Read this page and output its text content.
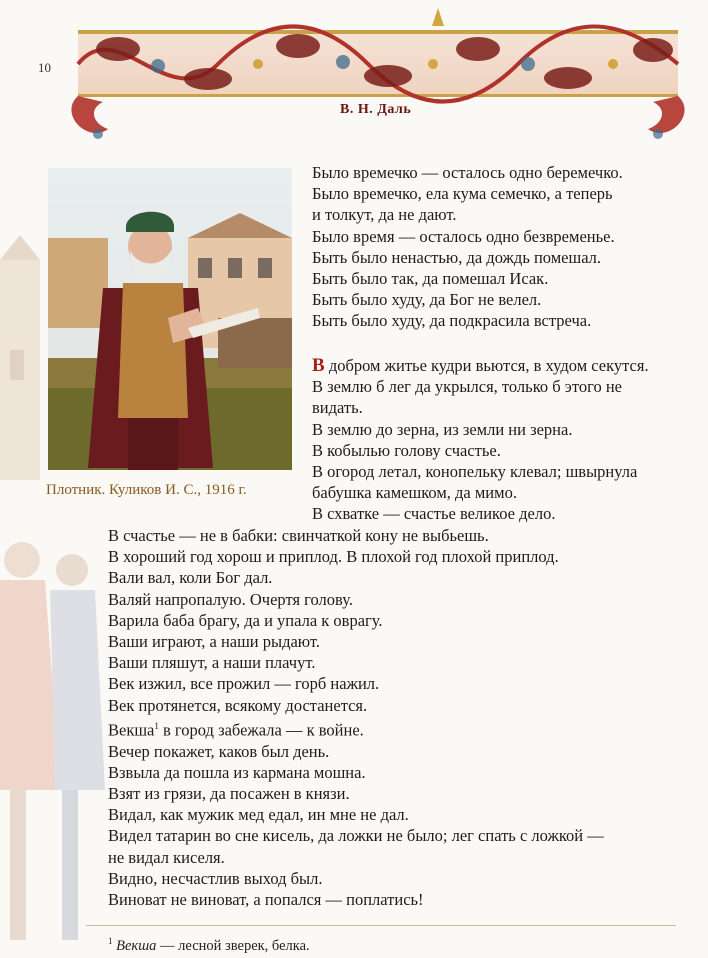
10
В. Н. Даль
Плотник. Куликов И. С., 1916 г.
Было времечко — осталось одно беремечко.
Было времечко, ела кума семечко, а теперь
и толкут, да не дают.
Было время — осталось одно безвременье.
Быть было ненастью, да дождь помешал.
Быть было так, да помешал Исак.
Быть было худу, да Бог не велел.
Быть было худу, да подкрасила встреча.
В добром житье кудри вьются, в худом секутся.
В землю б лег да укрылся, только б этого не
видать.
В землю до зерна, из земли ни зерна.
В кобылью голову счастье.
В огород летал, конопельку клевал; швырнула
бабушка камешком, да мимо.
В схватке — счастье великое дело.
В счастье — не в бабки: свинчаткой кону не выбьешь.
В хороший год хорош и приплод. В плохой год плохой приплод.
Вали вал, коли Бог дал.
Валяй напропалую. Очертя голову.
Варила баба брагу, да и упала к оврагу.
Ваши играют, а наши рыдают.
Ваши пляшут, а наши плачут.
Век изжил, все прожил — горб нажил.
Век протянется, всякому достанется.
Векша$^1$ в город забежала — к войне.
Вечер покажет, каков был день.
Взвыла да пошла из кармана мошна.
Взят из грязи, да посажен в князи.
Видал, как мужик мед едал, ин мне не дал.
Видел татарин во сне кисель, да ложки не было; лег спать с ложкой —
не видал киселя.
Видно, несчастлив выход был.
Виноват не виноват, а попался — поплатись!
$^1$ Векша — лесной зверек, белка.
